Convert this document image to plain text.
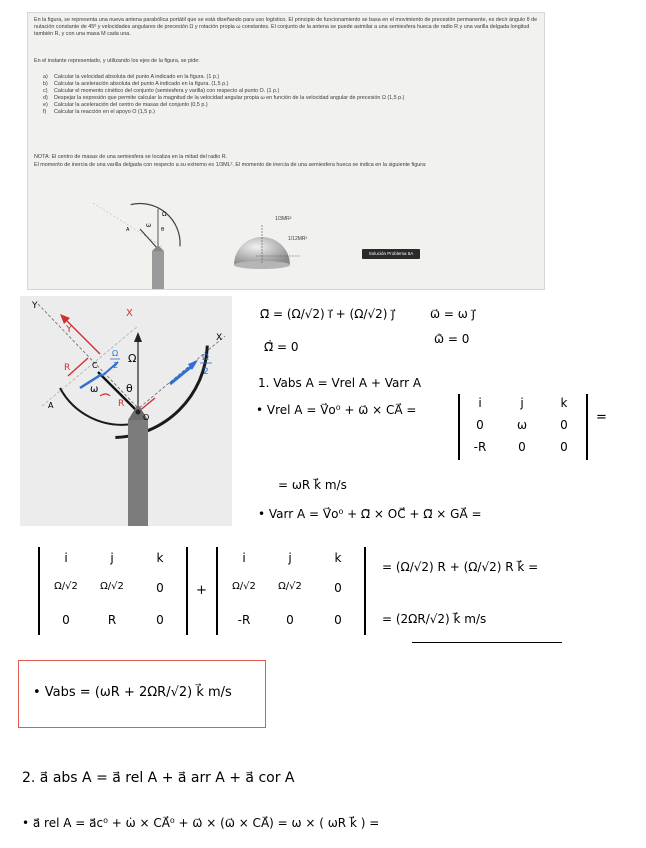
En la figura, se representa una nueva antena parabólica portátil que se está diseñando para uso logístico. El principio de funcionamiento se basa en el movimiento de precesión permanente, es decir ángulo θ de nutación constante de 45º y velocidades angulares de precesión Ω y rotación propia ω constantes. El conjunto de la antena se puede asimilar a una semiesfera hueca de radio R y una varilla delgada longitud también R, y con una masa M cada una.
En el instante representado, y utilizando los ejes de la figura, se pide:
a) Calcular la velocidad absoluta del punto A indicado en la figura. (1 p.)
b) Calcular la aceleración absoluta del punto A indicado en la figura. (1,5 p.)
c) Calcular el momento cinético del conjunto (semiesfera y varilla) con respecto al punto O. (1 p.)
d) Despejar la expresión que permite calcular la magnitud de la velocidad angular propia ω en función de la velocidad angular de precesión Ω (1,5 p.)
e) Calcular la aceleración del centro de masas del conjunto (0,5 p.)
f) Calcular la reacción en el apoyo O (1,5 p.)
NOTA: El centro de masas de una semiesfera se localiza en la mitad del radio R.
El momento de inercia de una varilla delgada con respecto a su extremo es 1/3ML². El momento de inercia de una semiesfera hueca se indica en la siguiente figura:
Ω
ω
θ
A
1/3MR²
1/12MR²
Solución Problema 5A
Y
X
C
A
O
θ
Ω
ω
Y
X
R
R
Ω
2
Ω
2
Ω⃗ = (Ω/√2) i⃗ + (Ω/√2) j⃗	ω⃗ = ω j⃗
Ω⃗̇ = 0
ω⃗̇ = 0
1. Vabs A = Vrel A + Varr A
• Vrel A = V⃗o⁰ + ω⃗ × CA⃗ =	i	j	k
0	ω	0
-R	0	0
=
= ωR k⃗ m/s
• Varr A = V⃗o⁰ + Ω⃗ × OC⃗ + Ω⃗ × GA⃗ =
i	j	k
Ω/√2	Ω/√2	0
0	R	0
+
i	j	k
Ω/√2	Ω/√2	0
-R	0	0
= (Ω/√2) R + (Ω/√2) R k⃗ =
= (2ΩR/√2) k⃗ m/s
• Vabs = (ωR + 2ΩR/√2) k⃗ m/s
2. a⃗ abs A = a⃗ rel A + a⃗ arr A + a⃗ cor A
• a⃗ rel A = a⃗c⁰ + ω̇ × CA⃗⁰ + ω⃗ × (ω⃗ × CA⃗) = ω × ( ωR k⃗ ) =
